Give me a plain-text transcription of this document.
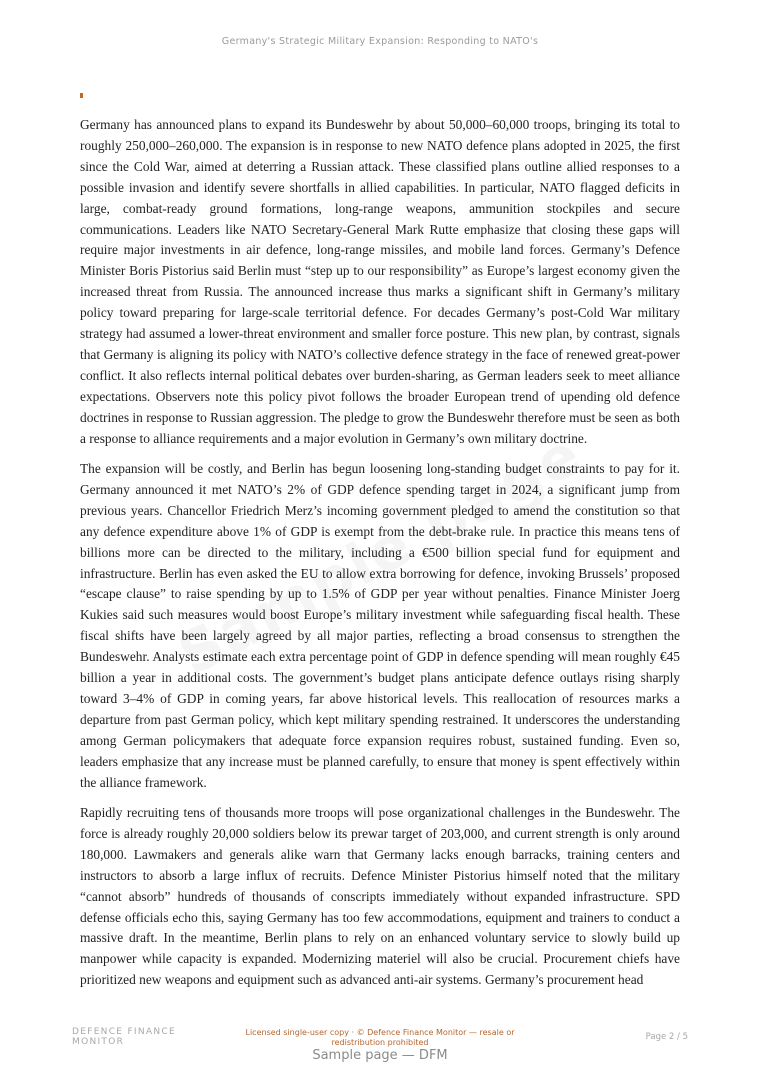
Germany's Strategic Military Expansion: Responding to NATO's

Germany has announced plans to expand its Bundeswehr by about 50,000–60,000 troops, bringing its total to roughly 250,000–260,000. The expansion is in response to new NATO defence plans adopted in 2025, the first since the Cold War, aimed at deterring a Russian attack. These classified plans outline allied responses to a possible invasion and identify severe shortfalls in allied capabilities. In particular, NATO flagged deficits in large, combat-ready ground formations, long-range weapons, ammunition stockpiles and secure communications. Leaders like NATO Secretary-General Mark Rutte emphasize that closing these gaps will require major investments in air defence, long-range missiles, and mobile land forces. Germany’s Defence Minister Boris Pistorius said Berlin must “step up to our responsibility” as Europe’s largest economy given the increased threat from Russia. The announced increase thus marks a significant shift in Germany’s military policy toward preparing for large-scale territorial defence. For decades Germany’s post-Cold War military strategy had assumed a lower-threat environment and smaller force posture. This new plan, by contrast, signals that Germany is aligning its policy with NATO’s collective defence strategy in the face of renewed great-power conflict. It also reflects internal political debates over burden-sharing, as German leaders seek to meet alliance expectations. Observers note this policy pivot follows the broader European trend of upending old defence doctrines in response to Russian aggression. The pledge to grow the Bundeswehr therefore must be seen as both a response to alliance requirements and a major evolution in Germany’s own military doctrine.

The expansion will be costly, and Berlin has begun loosening long-standing budget constraints to pay for it. Germany announced it met NATO’s 2% of GDP defence spending target in 2024, a significant jump from previous years. Chancellor Friedrich Merz’s incoming government pledged to amend the constitution so that any defence expenditure above 1% of GDP is exempt from the debt-brake rule. In practice this means tens of billions more can be directed to the military, including a €500 billion special fund for equipment and infrastructure. Berlin has even asked the EU to allow extra borrowing for defence, invoking Brussels’ proposed “escape clause” to raise spending by up to 1.5% of GDP per year without penalties. Finance Minister Joerg Kukies said such measures would boost Europe’s military investment while safeguarding fiscal health. These fiscal shifts have been largely agreed by all major parties, reflecting a broad consensus to strengthen the Bundeswehr. Analysts estimate each extra percentage point of GDP in defence spending will mean roughly €45 billion a year in additional costs. The government’s budget plans anticipate defence outlays rising sharply toward 3–4% of GDP in coming years, far above historical levels. This reallocation of resources marks a departure from past German policy, which kept military spending restrained. It underscores the understanding among German policymakers that adequate force expansion requires robust, sustained funding. Even so, leaders emphasize that any increase must be planned carefully, to ensure that money is spent effectively within the alliance framework.

Rapidly recruiting tens of thousands more troops will pose organizational challenges in the Bundeswehr. The force is already roughly 20,000 soldiers below its prewar target of 203,000, and current strength is only around 180,000. Lawmakers and generals alike warn that Germany lacks enough barracks, training centers and instructors to absorb a large influx of recruits. Defence Minister Pistorius himself noted that the military “cannot absorb” hundreds of thousands of conscripts immediately without expanded infrastructure. SPD defense officials echo this, saying Germany has too few accommodations, equipment and trainers to conduct a massive draft. In the meantime, Berlin plans to rely on an enhanced voluntary service to slowly build up manpower while capacity is expanded. Modernizing materiel will also be crucial. Procurement chiefs have prioritized new weapons and equipment such as advanced anti-air systems. Germany’s procurement head

DEFENCE FINANCE MONITOR
Licensed single-user copy · © Defence Finance Monitor — resale or redistribution prohibited
Page 2 / 5
Sample page — DFM
